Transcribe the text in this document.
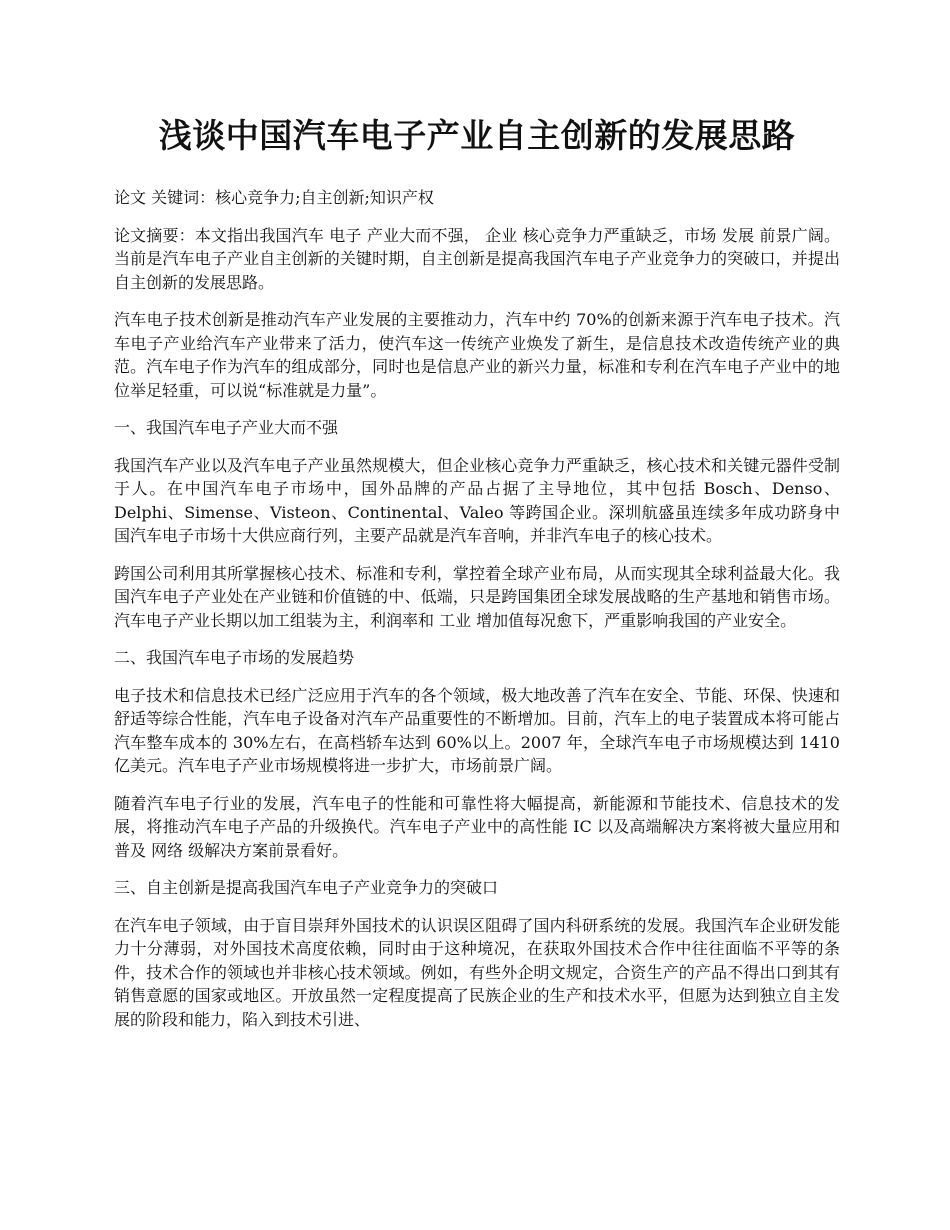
浅谈中国汽车电子产业自主创新的发展思路

论文 关键词：核心竞争力;自主创新;知识产权

论文摘要：本文指出我国汽车 电子 产业大而不强， 企业 核心竞争力严重缺乏，市场 发展 前景广阔。当前是汽车电子产业自主创新的关键时期，自主创新是提高我国汽车电子产业竞争力的突破口，并提出自主创新的发展思路。

汽车电子技术创新是推动汽车产业发展的主要推动力，汽车中约 70%的创新来源于汽车电子技术。汽车电子产业给汽车产业带来了活力，使汽车这一传统产业焕发了新生，是信息技术改造传统产业的典范。汽车电子作为汽车的组成部分，同时也是信息产业的新兴力量，标准和专利在汽车电子产业中的地位举足轻重，可以说“标准就是力量”。

一、我国汽车电子产业大而不强

我国汽车产业以及汽车电子产业虽然规模大，但企业核心竞争力严重缺乏，核心技术和关键元器件受制于人。在中国汽车电子市场中，国外品牌的产品占据了主导地位，其中包括 Bosch、Denso、Delphi、Simense、Visteon、Continental、Valeo 等跨国企业。深圳航盛虽连续多年成功跻身中国汽车电子市场十大供应商行列，主要产品就是汽车音响，并非汽车电子的核心技术。

跨国公司利用其所掌握核心技术、标准和专利，掌控着全球产业布局，从而实现其全球利益最大化。我国汽车电子产业处在产业链和价值链的中、低端，只是跨国集团全球发展战略的生产基地和销售市场。汽车电子产业长期以加工组装为主，利润率和 工业 增加值每况愈下，严重影响我国的产业安全。

二、我国汽车电子市场的发展趋势

电子技术和信息技术已经广泛应用于汽车的各个领域，极大地改善了汽车在安全、节能、环保、快速和舒适等综合性能，汽车电子设备对汽车产品重要性的不断增加。目前，汽车上的电子装置成本将可能占汽车整车成本的 30%左右，在高档轿车达到 60%以上。2007 年，全球汽车电子市场规模达到 1410 亿美元。汽车电子产业市场规模将进一步扩大，市场前景广阔。

随着汽车电子行业的发展，汽车电子的性能和可靠性将大幅提高，新能源和节能技术、信息技术的发展，将推动汽车电子产品的升级换代。汽车电子产业中的高性能 IC 以及高端解决方案将被大量应用和普及 网络 级解决方案前景看好。

三、自主创新是提高我国汽车电子产业竞争力的突破口

在汽车电子领域，由于盲目崇拜外国技术的认识误区阻碍了国内科研系统的发展。我国汽车企业研发能力十分薄弱，对外国技术高度依赖，同时由于这种境况，在获取外国技术合作中往往面临不平等的条件，技术合作的领域也并非核心技术领域。例如，有些外企明文规定，合资生产的产品不得出口到其有销售意愿的国家或地区。开放虽然一定程度提高了民族企业的生产和技术水平，但愿为达到独立自主发展的阶段和能力，陷入到技术引进、
